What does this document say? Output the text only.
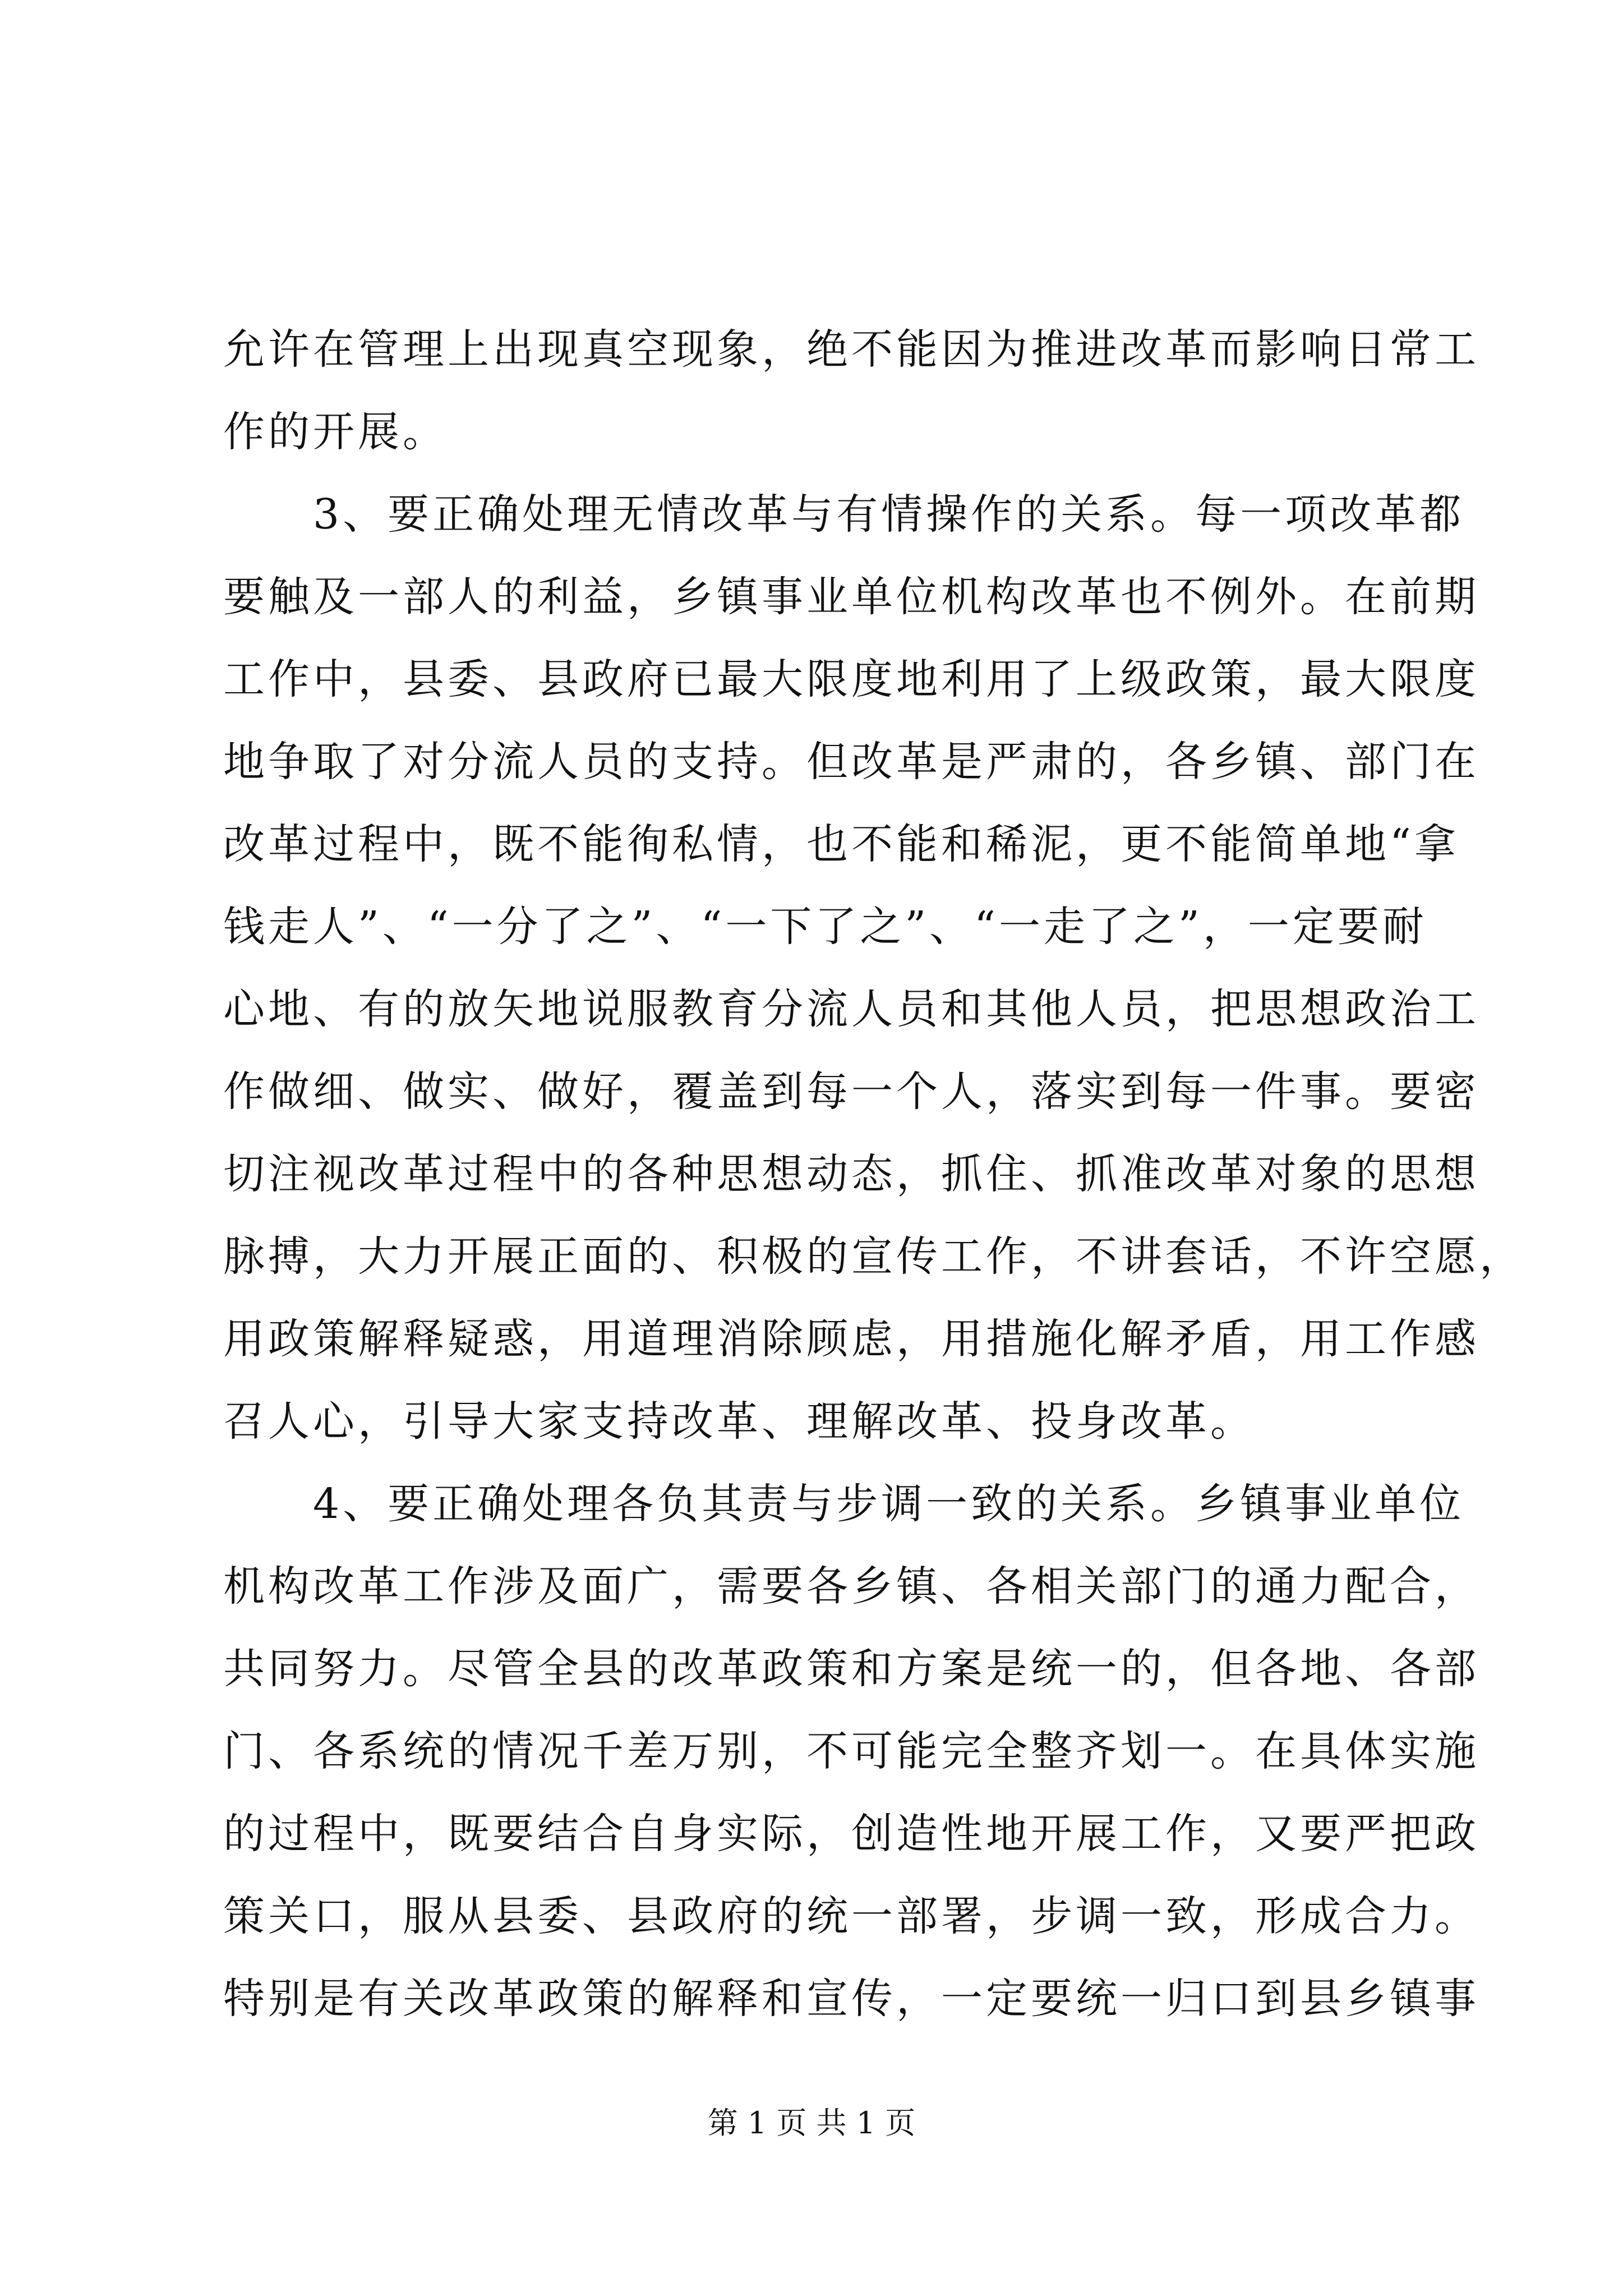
允许在管理上出现真空现象，绝不能因为推进改革而影响日常工
作的开展。
　　3、要正确处理无情改革与有情操作的关系。每一项改革都
要触及一部人的利益，乡镇事业单位机构改革也不例外。在前期
工作中，县委、县政府已最大限度地利用了上级政策，最大限度
地争取了对分流人员的支持。但改革是严肃的，各乡镇、部门在
改革过程中，既不能徇私情，也不能和稀泥，更不能简单地“拿
钱走人”、“一分了之”、“一下了之”、“一走了之”，一定要耐
心地、有的放矢地说服教育分流人员和其他人员，把思想政治工
作做细、做实、做好，覆盖到每一个人，落实到每一件事。要密
切注视改革过程中的各种思想动态，抓住、抓准改革对象的思想
脉搏，大力开展正面的、积极的宣传工作，不讲套话，不许空愿，
用政策解释疑惑，用道理消除顾虑，用措施化解矛盾，用工作感
召人心，引导大家支持改革、理解改革、投身改革。
　　4、要正确处理各负其责与步调一致的关系。乡镇事业单位
机构改革工作涉及面广，需要各乡镇、各相关部门的通力配合，
共同努力。尽管全县的改革政策和方案是统一的，但各地、各部
门、各系统的情况千差万别，不可能完全整齐划一。在具体实施
的过程中，既要结合自身实际，创造性地开展工作，又要严把政
策关口，服从县委、县政府的统一部署，步调一致，形成合力。
特别是有关改革政策的解释和宣传，一定要统一归口到县乡镇事
第 1 页 共 1 页
